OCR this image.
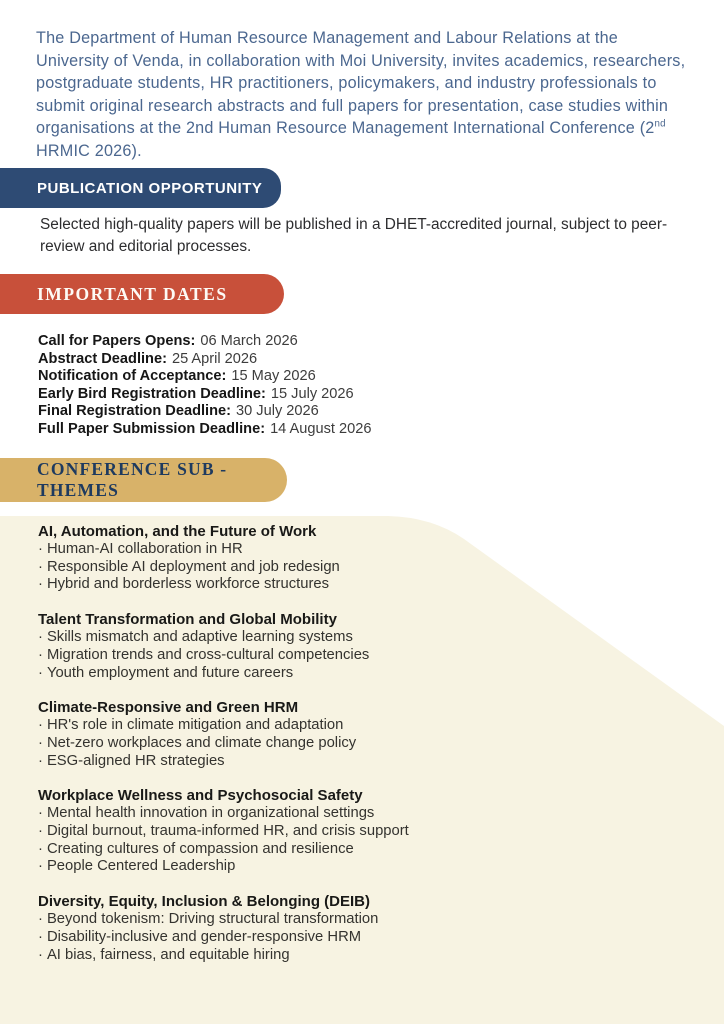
The Department of Human Resource Management and Labour Relations at the University of Venda, in collaboration with Moi University, invites academics, researchers, postgraduate students, HR practitioners, policymakers, and industry professionals to submit original research abstracts and full papers for presentation, case studies within organisations at the 2nd Human Resource Management International Conference (2nd HRMIC 2026).

PUBLICATION OPPORTUNITY

Selected high-quality papers will be published in a DHET-accredited journal, subject to peer-review and editorial processes.

IMPORTANT DATES
Call for Papers Opens: 06 March 2026
Abstract Deadline: 25 April 2026
Notification of Acceptance: 15 May 2026
Early Bird Registration Deadline: 15 July 2026
Final Registration Deadline: 30 July 2026
Full Paper Submission Deadline: 14 August 2026
CONFERENCE SUB - THEMES
AI, Automation, and the Future of Work
· Human-AI collaboration in HR
· Responsible AI deployment and job redesign
· Hybrid and borderless workforce structures
Talent Transformation and Global Mobility
· Skills mismatch and adaptive learning systems
· Migration trends and cross-cultural competencies
· Youth employment and future careers
Climate-Responsive and Green HRM
· HR's role in climate mitigation and adaptation
· Net-zero workplaces and climate change policy
· ESG-aligned HR strategies
Workplace Wellness and Psychosocial Safety
· Mental health innovation in organizational settings
· Digital burnout, trauma-informed HR, and crisis support
· Creating cultures of compassion and resilience
· People Centered Leadership
Diversity, Equity, Inclusion & Belonging (DEIB)
· Beyond tokenism: Driving structural transformation
· Disability-inclusive and gender-responsive HRM
· AI bias, fairness, and equitable hiring
